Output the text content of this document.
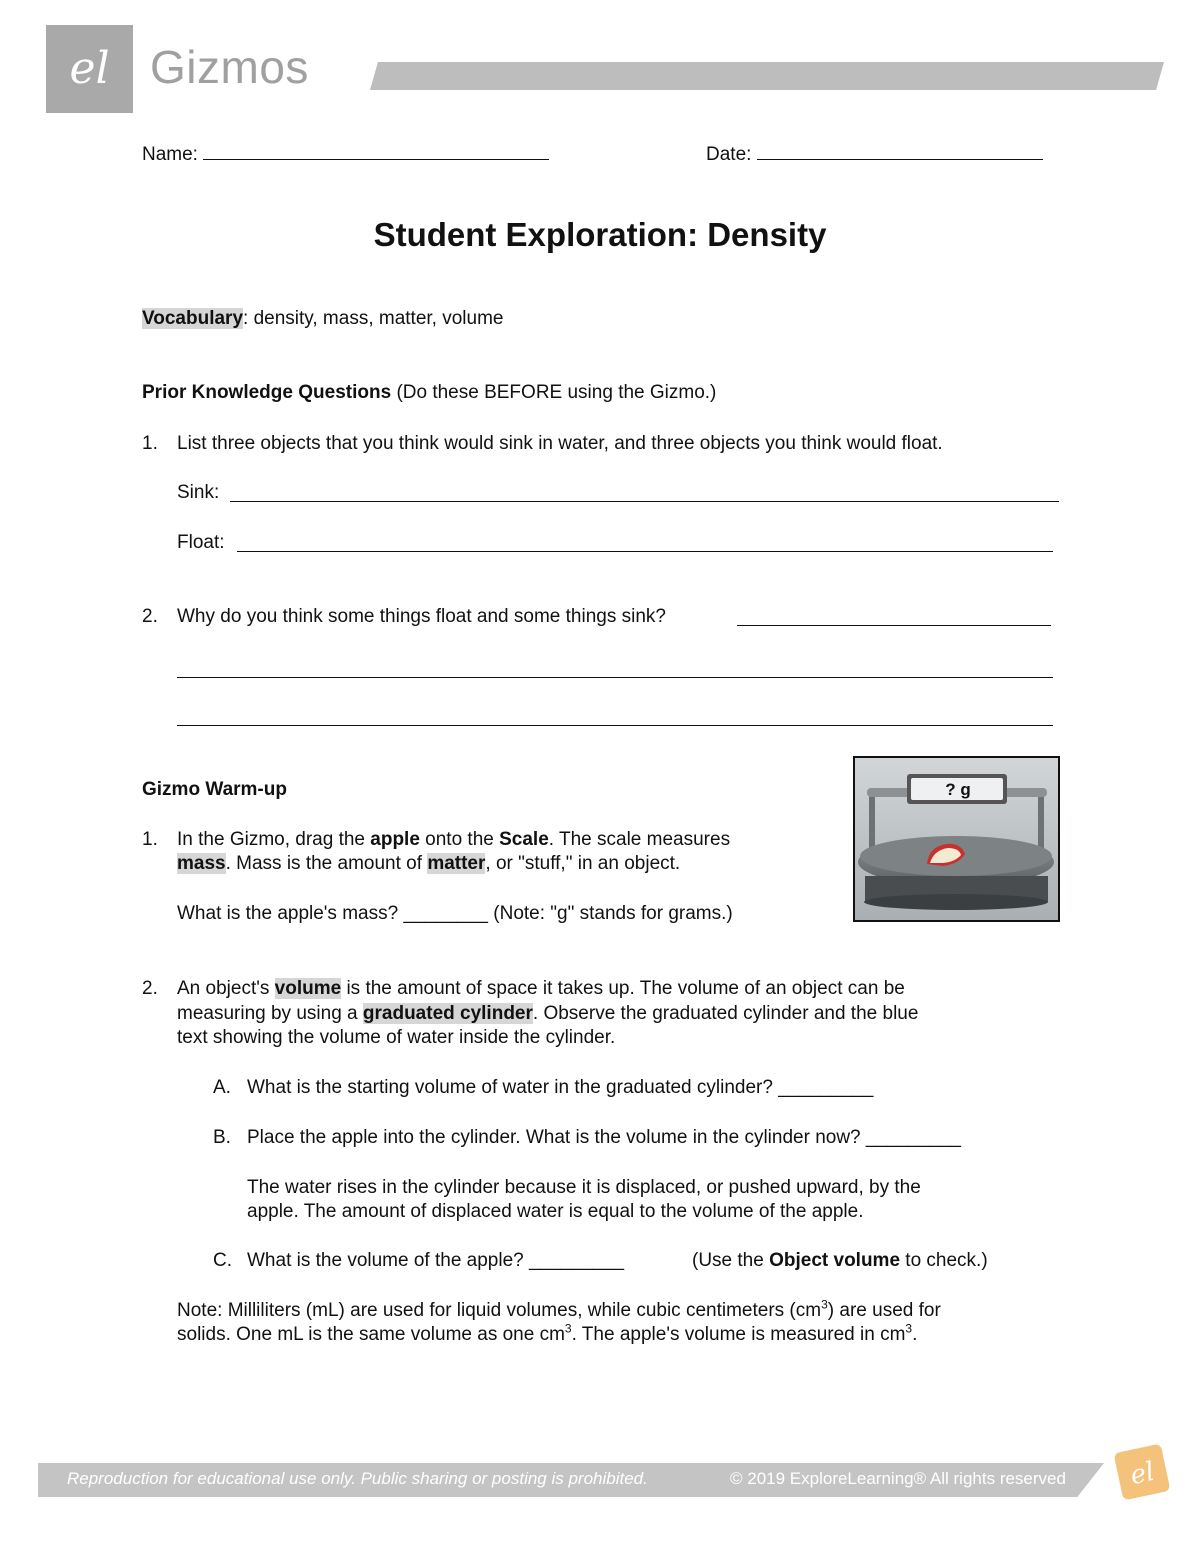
el Gizmos
Name:	Date:
Student Exploration: Density
Vocabulary: density, mass, matter, volume
Prior Knowledge Questions (Do these BEFORE using the Gizmo.)
1.	List three objects that you think would sink in water, and three objects you think would float.
Sink:
Float:
2.	Why do you think some things float and some things sink?
Gizmo Warm-up
1.	In the Gizmo, drag the apple onto the Scale. The scale measures
mass. Mass is the amount of matter, or "stuff," in an object.
What is the apple's mass? ________ (Note: "g" stands for grams.)
? g
2.	An object's volume is the amount of space it takes up. The volume of an object can be
measuring by using a graduated cylinder. Observe the graduated cylinder and the blue
text showing the volume of water inside the cylinder.
A. What is the starting volume of water in the graduated cylinder? _________
B. Place the apple into the cylinder. What is the volume in the cylinder now? _________
The water rises in the cylinder because it is displaced, or pushed upward, by the
apple. The amount of displaced water is equal to the volume of the apple.
C. What is the volume of the apple? _________	(Use the Object volume to check.)
Note: Milliliters (mL) are used for liquid volumes, while cubic centimeters $(cm^3)$ are used for
solids. One mL is the same volume as one $cm^3$. The apple's volume is measured in $cm^3$.
Reproduction for educational use only. Public sharing or posting is prohibited.	© 2019 ExploreLearning® All rights reserved el
